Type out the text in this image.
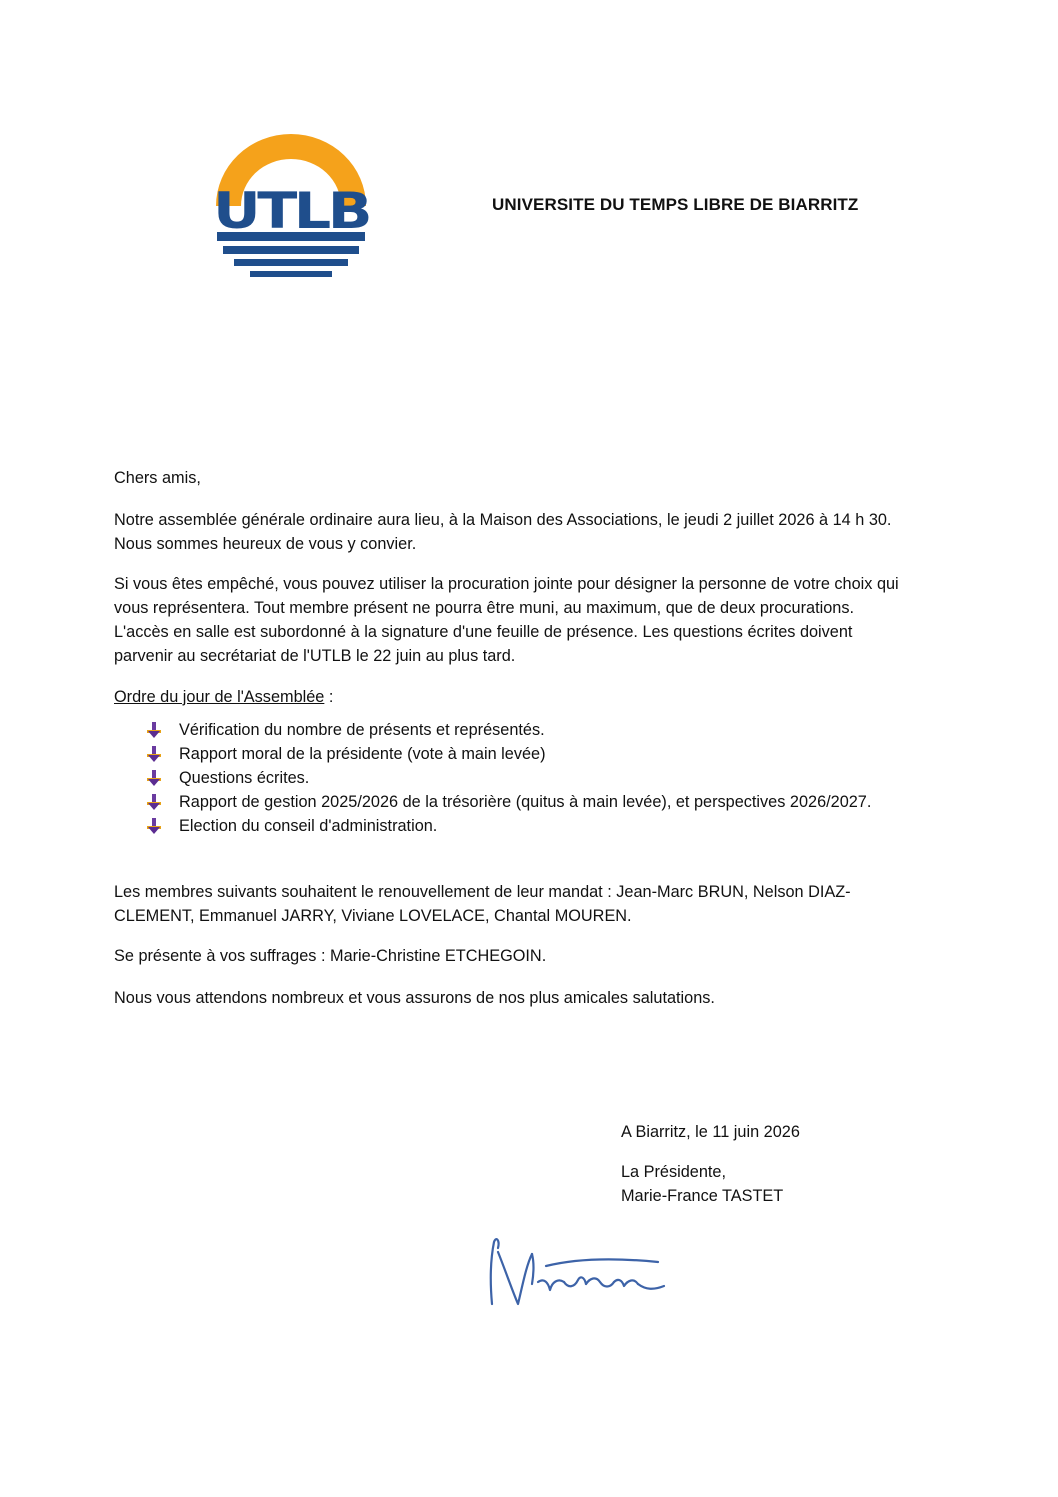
UTLB	UNIVERSITE DU TEMPS LIBRE DE BIARRITZ
Chers amis,
Notre assemblée générale ordinaire aura lieu, à la Maison des Associations, le jeudi 2 juillet 2026 à 14 h 30. Nous sommes heureux de vous y convier.
Si vous êtes empêché, vous pouvez utiliser la procuration jointe pour désigner la personne de votre choix qui vous représentera. Tout membre présent ne pourra être muni, au maximum, que de deux procurations. L'accès en salle est subordonné à la signature d'une feuille de présence. Les questions écrites doivent parvenir au secrétariat de l'UTLB le 22 juin au plus tard.
Ordre du jour de l'Assemblée :
Vérification du nombre de présents et représentés.
Rapport moral de la présidente (vote à main levée)
Questions écrites.
Rapport de gestion 2025/2026 de la trésorière (quitus à main levée), et perspectives 2026/2027.
Election du conseil d'administration.
Les membres suivants souhaitent le renouvellement de leur mandat : Jean-Marc BRUN, Nelson DIAZ-CLEMENT, Emmanuel JARRY, Viviane LOVELACE, Chantal MOUREN.
Se présente à vos suffrages : Marie-Christine ETCHEGOIN.
Nous vous attendons nombreux et vous assurons de nos plus amicales salutations.
A Biarritz, le 11 juin 2026
La Présidente,
Marie-France TASTET
